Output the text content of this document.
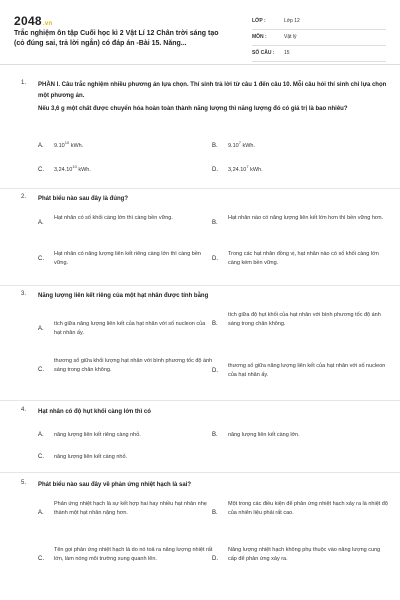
2048.vn
Trắc nghiệm ôn tập Cuối học kì 2 Vật Lí 12 Chân trời sáng tạo (cỏ đúng sai, trả lời ngắn) có đáp án -Bài 15. Năng...
LỚP :	Lớp 12
MÔN :	Vật lý
SỐ CÂU : 15
1. PHẦN I. Câu trắc nghiệm nhiều phương án lựa chọn. Thí sinh trả lời từ câu 1 đến câu 10. Mỗi câu hỏi thí sinh chỉ lựa chọn một phương án.
Nếu 3,6 g một chất được chuyển hóa hoàn toàn thành năng lượng thì năng lượng đó có giá trị là bao nhiêu?
A. 9.10$^{10}$ kWh.	B. 9.10$^7$ kWh.
C. 3,24.10$^{10}$ kWh.	D. 3,24.10$^7$ kWh.
2. Phát biểu nào sau đây là đúng?
A.
Hạt nhân có số khối càng lớn thì càng bền vững.
B.
Hạt nhân nào có năng lượng liên kết lớn hơn thì bền vững hơn.
C.
Hạt nhân có năng lượng liên kết riêng càng lớn thì càng bền vững.
D.
Trong các hạt nhân đồng vị, hạt nhân nào có số khối càng lớn càng kém bền vững.
3. Năng lượng liên kết riêng của một hạt nhân được tính bằng
A.
tích giữa năng lượng liên kết của hạt nhân với số nucleon của hạt nhân ấy.
B.
tích giữa độ hụt khối của hạt nhân với bình phương tốc độ ánh sáng trong chân không.
C.
thương số giữa khối lượng hạt nhân với bình phương tốc độ ánh sáng trong chân không.	D.
thương số giữa năng lượng liên kết của hạt nhân với số nucleon của hạt nhân ấy.
4. Hạt nhân có độ hụt khối càng lớn thì có
A. năng lượng liên kết riêng càng nhỏ.	B. năng lượng liên kết càng lớn.
C. năng lượng liên kết càng nhỏ.
5. Phát biểu nào sau đây về phản ứng nhiệt hạch là sai?
A.
Phản ứng nhiệt hạch là sự kết hợp hai hay nhiều hạt nhân nhẹ thành một hạt nhân nặng hơn.	B.
Một trong các điều kiện để phản ứng nhiệt hạch xảy ra là nhiệt độ của nhiên liệu phải rất cao.
C.
Tên gọi phản ứng nhiệt hạch là do nó toả ra năng lượng nhiệt rất lớn, làm nóng môi trường xung quanh lên.	D.
Năng lượng nhiệt hạch không phụ thuộc vào năng lượng cung cấp để phản ứng xảy ra.
